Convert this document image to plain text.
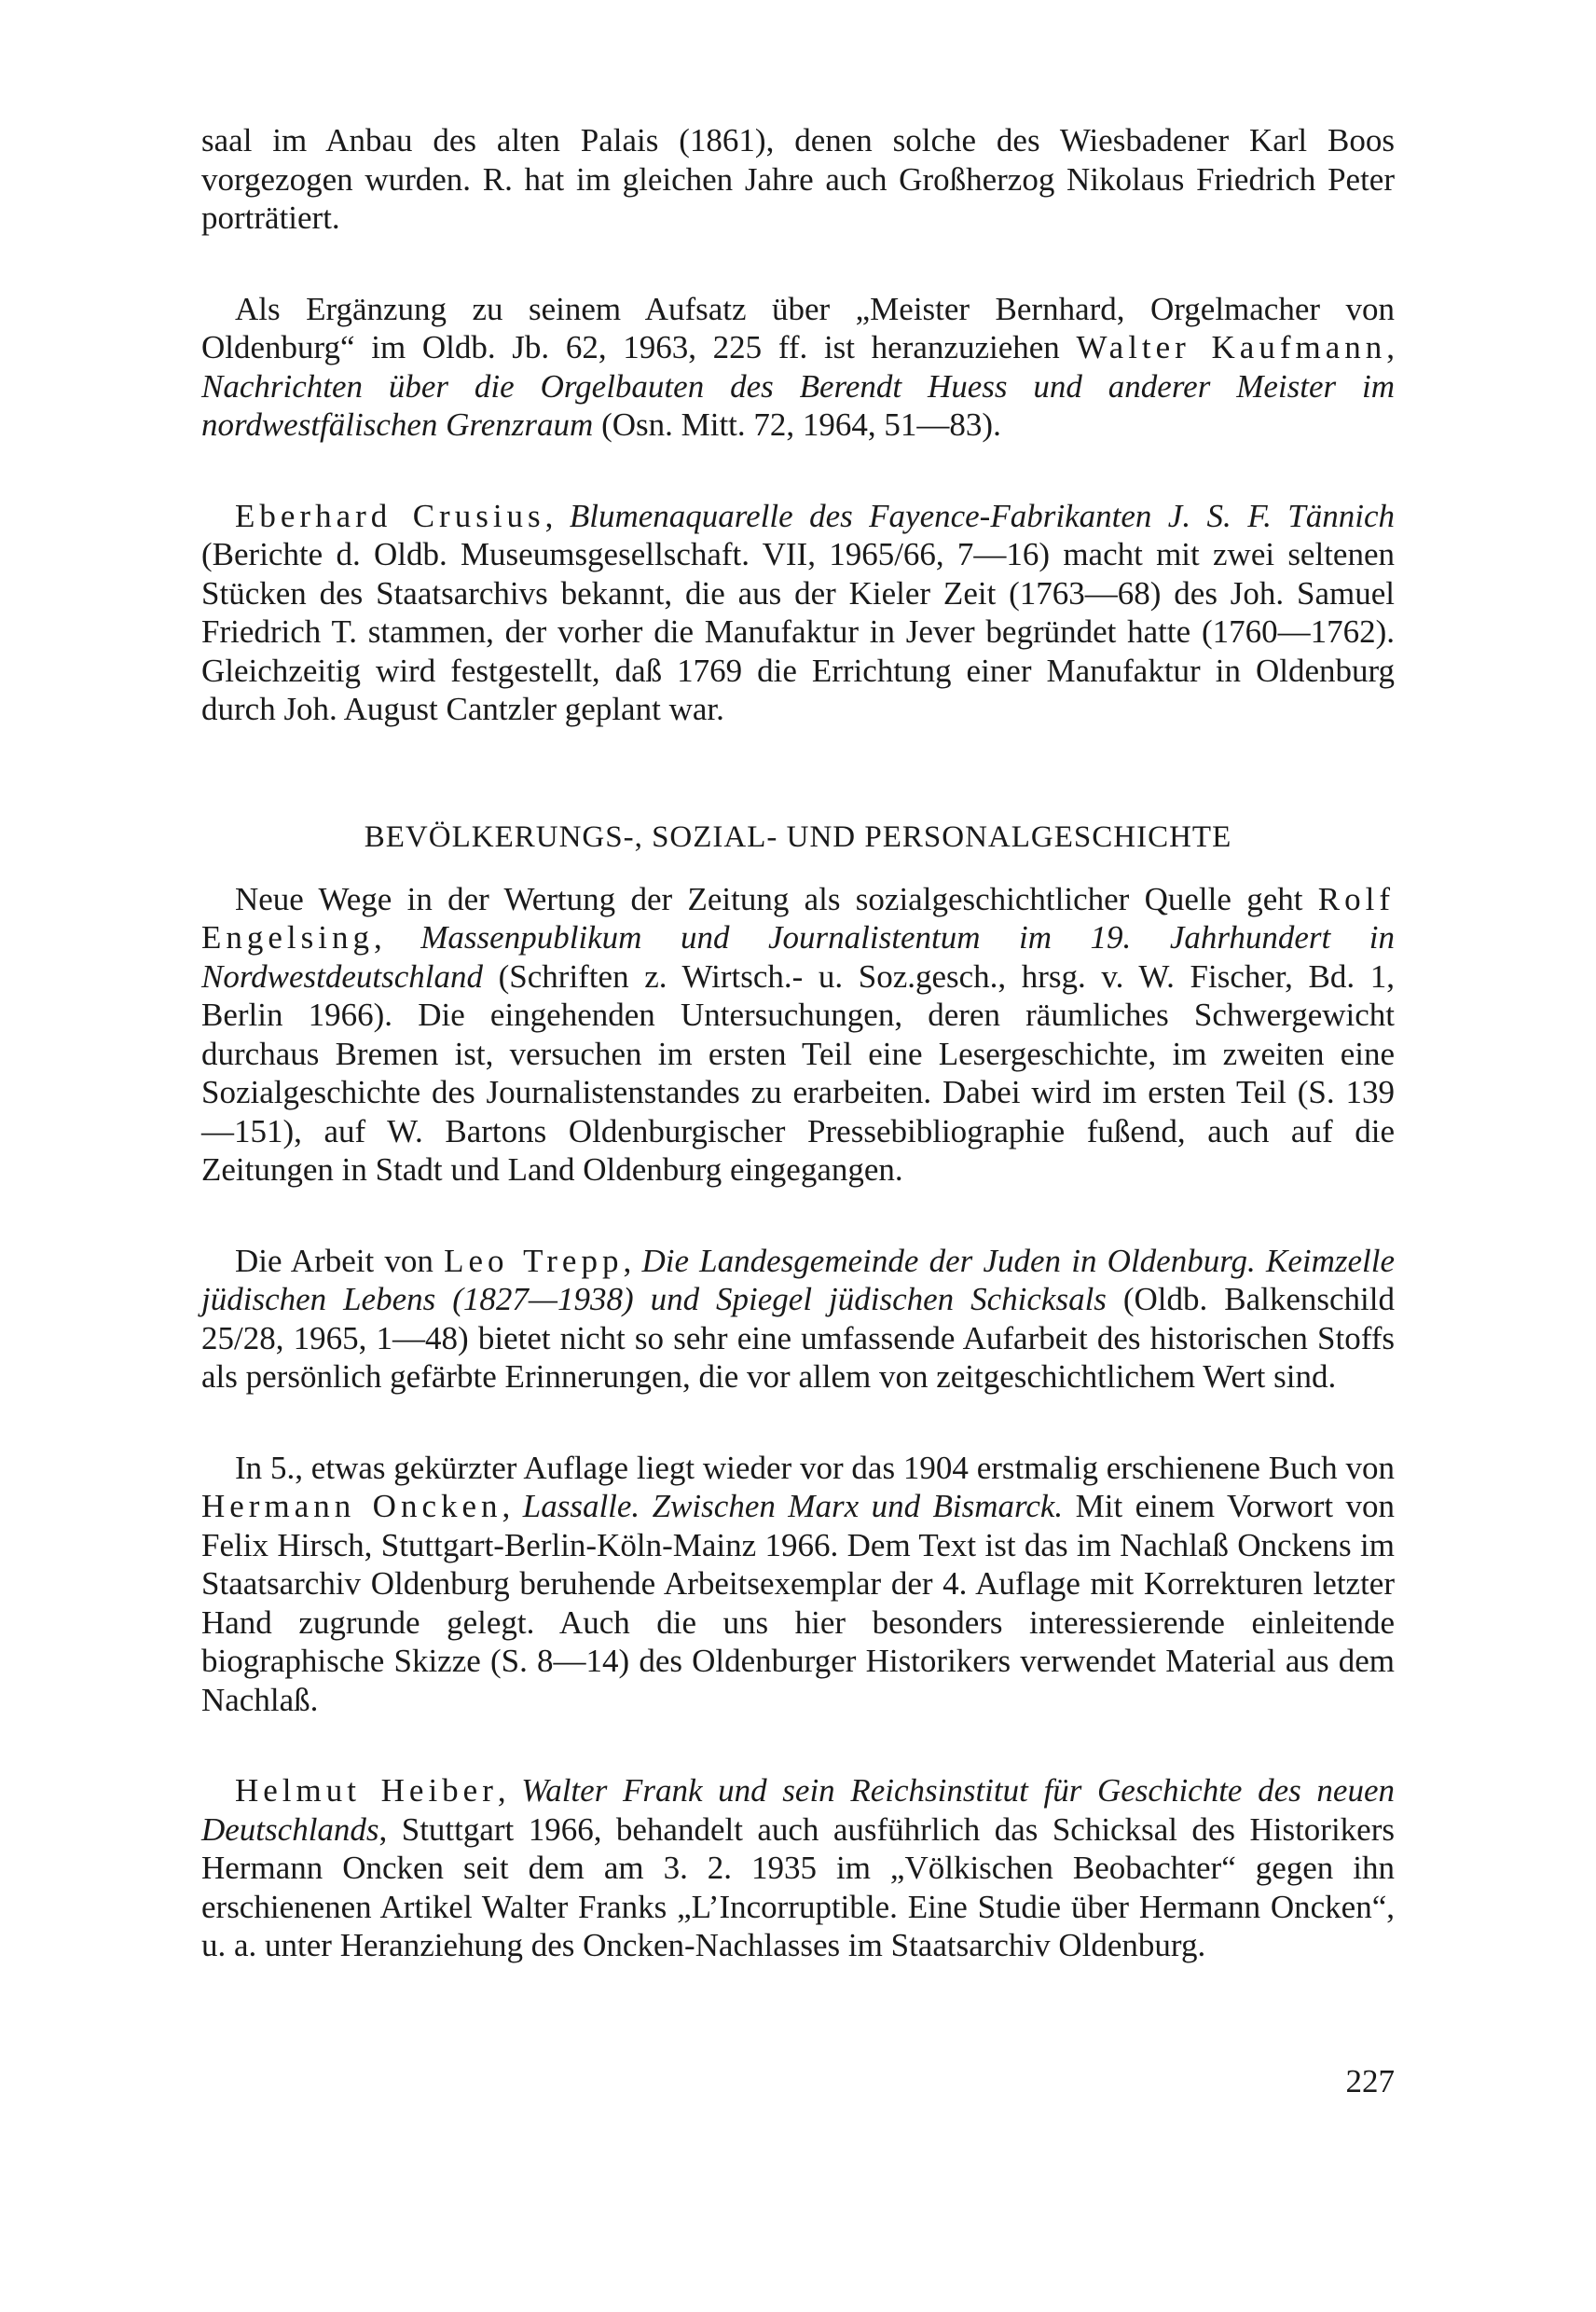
saal im Anbau des alten Palais (1861), denen solche des Wiesbadener Karl Boos vorgezogen wurden. R. hat im gleichen Jahre auch Großherzog Nikolaus Friedrich Peter porträtiert.

Als Ergänzung zu seinem Aufsatz über „Meister Bernhard, Orgelmacher von Oldenburg“ im Oldb. Jb. 62, 1963, 225 ff. ist heranzuziehen Walter Kaufmann, Nachrichten über die Orgelbauten des Berendt Huess und anderer Meister im nordwestfälischen Grenzraum (Osn. Mitt. 72, 1964, 51—83).

Eberhard Crusius, Blumenaquarelle des Fayence-Fabrikanten J. S. F. Tännich (Berichte d. Oldb. Museumsgesellschaft. VII, 1965/66, 7—16) macht mit zwei seltenen Stücken des Staatsarchivs bekannt, die aus der Kieler Zeit (1763—68) des Joh. Samuel Friedrich T. stammen, der vorher die Manufaktur in Jever begründet hatte (1760—1762). Gleichzeitig wird festgestellt, daß 1769 die Errichtung einer Manufaktur in Oldenburg durch Joh. August Cantzler geplant war.

BEVÖLKERUNGS-, SOZIAL- UND PERSONALGESCHICHTE

Neue Wege in der Wertung der Zeitung als sozialgeschichtlicher Quelle geht Rolf Engelsing, Massenpublikum und Journalistentum im 19. Jahrhundert in Nordwestdeutschland (Schriften z. Wirtsch.- u. Soz.gesch., hrsg. v. W. Fischer, Bd. 1, Berlin 1966). Die eingehenden Untersuchungen, deren räumliches Schwergewicht durchaus Bremen ist, versuchen im ersten Teil eine Lesergeschichte, im zweiten eine Sozialgeschichte des Journalistenstandes zu erarbeiten. Dabei wird im ersten Teil (S. 139—151), auf W. Bartons Oldenburgischer Pressebibliographie fußend, auch auf die Zeitungen in Stadt und Land Oldenburg eingegangen.

Die Arbeit von Leo Trepp, Die Landesgemeinde der Juden in Oldenburg. Keimzelle jüdischen Lebens (1827—1938) und Spiegel jüdischen Schicksals (Oldb. Balkenschild 25/28, 1965, 1—48) bietet nicht so sehr eine umfassende Aufarbeit des historischen Stoffs als persönlich gefärbte Erinnerungen, die vor allem von zeitgeschichtlichem Wert sind.

In 5., etwas gekürzter Auflage liegt wieder vor das 1904 erstmalig erschienene Buch von Hermann Oncken, Lassalle. Zwischen Marx und Bismarck. Mit einem Vorwort von Felix Hirsch, Stuttgart-Berlin-Köln-Mainz 1966. Dem Text ist das im Nachlaß Onckens im Staatsarchiv Oldenburg beruhende Arbeitsexemplar der 4. Auflage mit Korrekturen letzter Hand zugrunde gelegt. Auch die uns hier besonders interessierende einleitende biographische Skizze (S. 8—14) des Oldenburger Historikers verwendet Material aus dem Nachlaß.

Helmut Heiber, Walter Frank und sein Reichsinstitut für Geschichte des neuen Deutschlands, Stuttgart 1966, behandelt auch ausführlich das Schicksal des Historikers Hermann Oncken seit dem am 3. 2. 1935 im „Völkischen Beobachter“ gegen ihn erschienenen Artikel Walter Franks „L’Incorruptible. Eine Studie über Hermann Oncken“, u. a. unter Heranziehung des Oncken-Nachlasses im Staatsarchiv Oldenburg.

227
